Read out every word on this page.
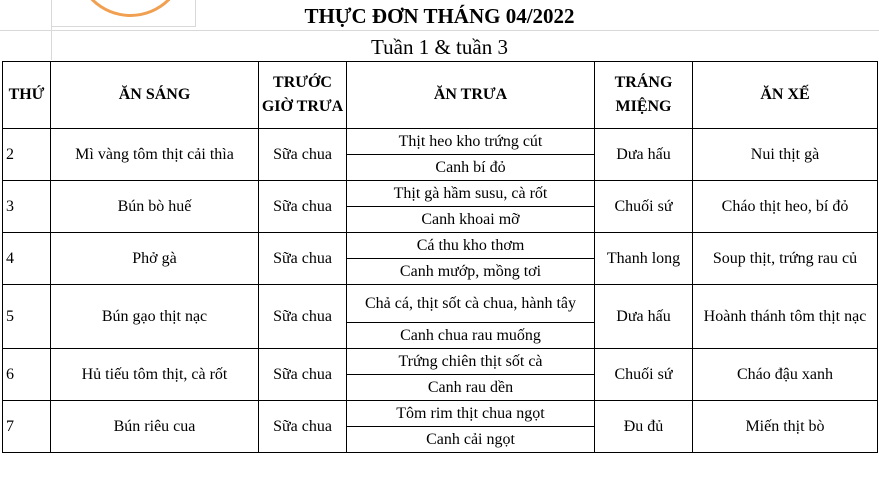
THỰC ĐƠN THÁNG 04/2022
Tuần 1 & tuần 3
THỨ	ĂN SÁNG	TRƯỚC GIỜ TRƯA	ĂN TRƯA	TRÁNG MIỆNG	ĂN XẾ
2	Mì vàng tôm thịt cải thìa	Sữa chua	Thịt heo kho trứng cút	Dưa hấu	Nui thịt gà
			Canh bí đỏ		
3	Bún bò huế	Sữa chua	Thịt gà hầm susu, cà rốt	Chuối sứ	Cháo thịt heo, bí đỏ
			Canh khoai mỡ		
4	Phở gà	Sữa chua	Cá thu kho thơm	Thanh long	Soup thịt, trứng rau củ
			Canh mướp, mồng tơi		
5	Bún gạo thịt nạc	Sữa chua	Chả cá, thịt sốt cà chua, hành tây	Dưa hấu	Hoành thánh tôm thịt nạc
			Canh chua rau muống		
6	Hủ tiếu tôm thịt, cà rốt	Sữa chua	Trứng chiên thịt sốt cà	Chuối sứ	Cháo đậu xanh
			Canh rau dền		
7	Bún riêu cua	Sữa chua	Tôm rim thịt chua ngọt	Đu đủ	Miến thịt bò
			Canh cải ngọt		
